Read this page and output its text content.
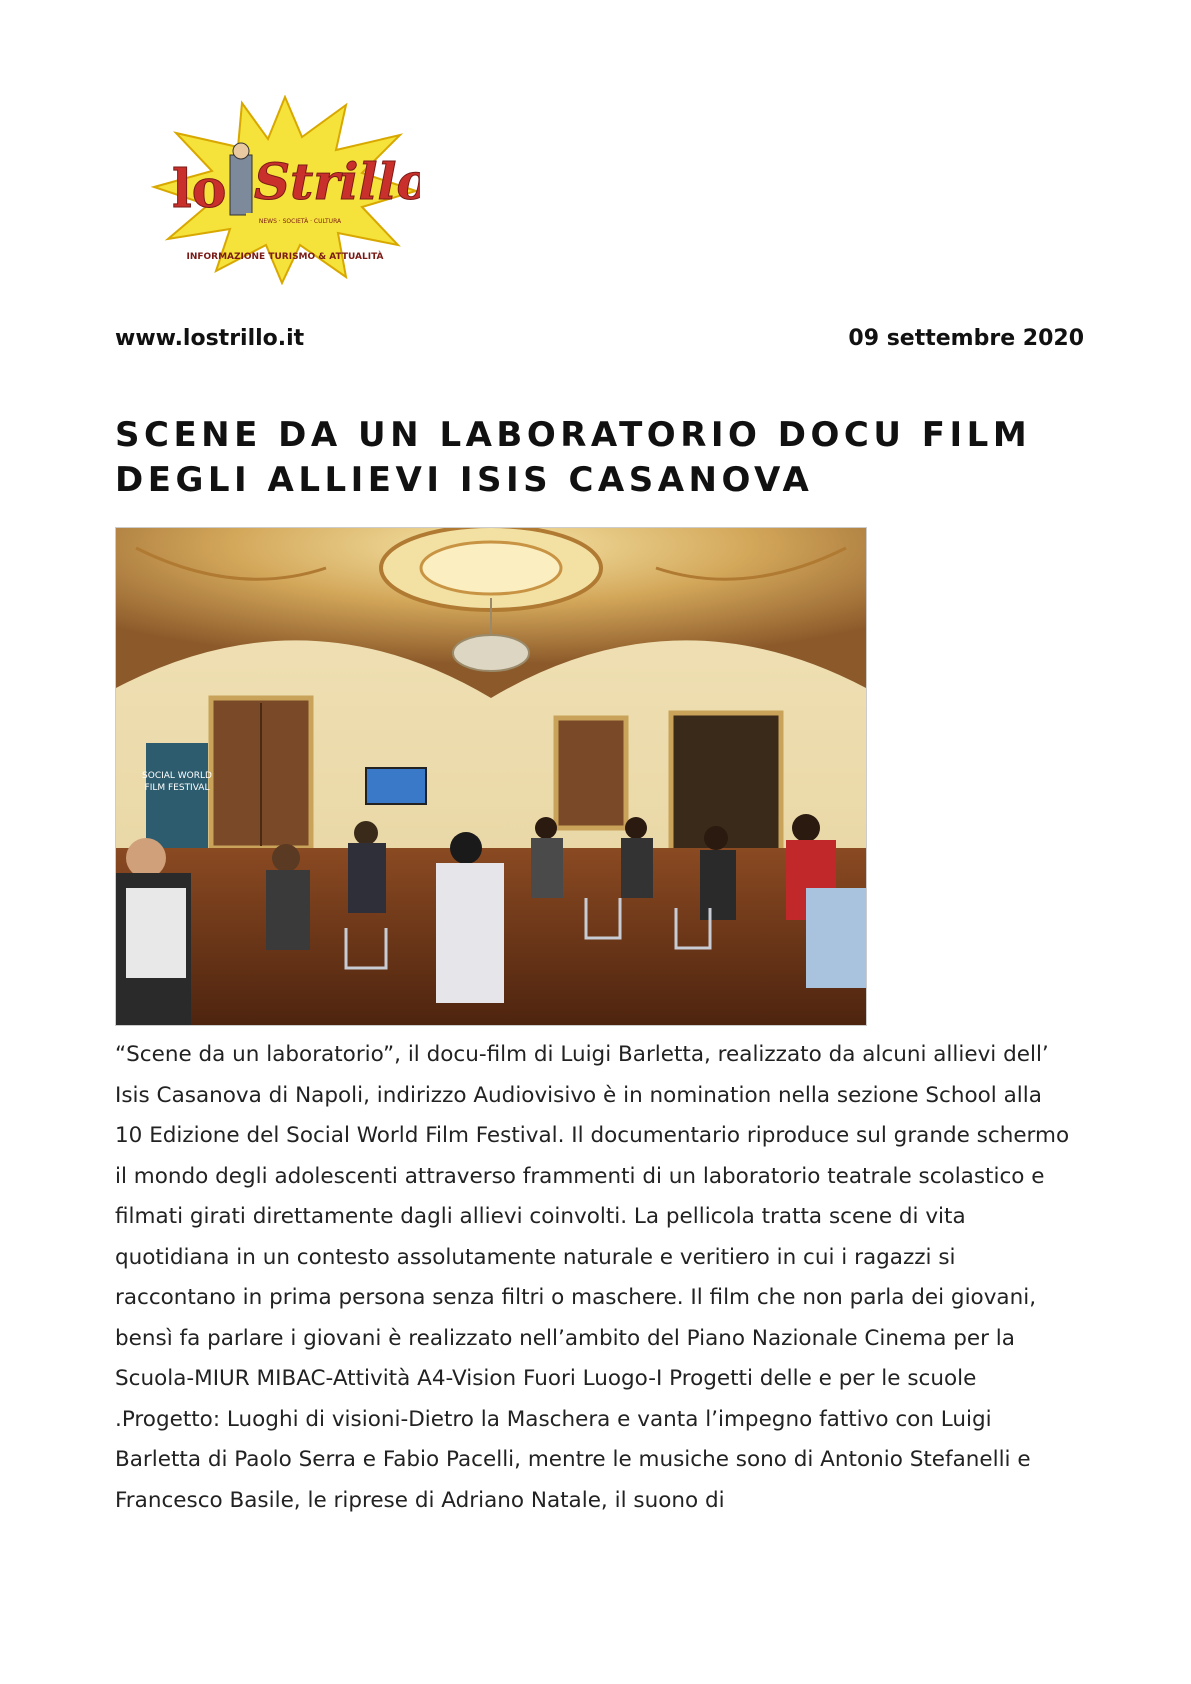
lo Strillo
NEWS · SOCIETÀ · CULTURA
INFORMAZIONE TURISMO & ATTUALITÀ

www.lostrillo.it	09 settembre 2020

SCENE DA UN LABORATORIO DOCU FILM
DEGLI ALLIEVI ISIS CASANOVA
SOCIAL WORLD
FILM FESTIVAL

“Scene da un laboratorio”, il docu-film di Luigi Barletta, realizzato da alcuni allievi dell’ Isis Casanova di Napoli, indirizzo Audiovisivo è in nomination nella sezione School alla 10 Edizione del Social World Film Festival. Il documentario riproduce sul grande schermo il mondo degli adolescenti attraverso frammenti di un laboratorio teatrale scolastico e filmati girati direttamente dagli allievi coinvolti. La pellicola tratta scene di vita quotidiana in un contesto assolutamente naturale e veritiero in cui i ragazzi si raccontano in prima persona senza filtri o maschere. Il film che non parla dei giovani, bensì fa parlare i giovani è realizzato nell’ambito del Piano Nazionale Cinema per la Scuola-MIUR MIBAC-Attività A4-Vision Fuori Luogo-I Progetti delle e per le scuole .Progetto: Luoghi di visioni-Dietro la Maschera e vanta l’impegno fattivo con Luigi Barletta di Paolo Serra e Fabio Pacelli, mentre le musiche sono di Antonio Stefanelli e Francesco Basile, le riprese di Adriano Natale, il suono di
